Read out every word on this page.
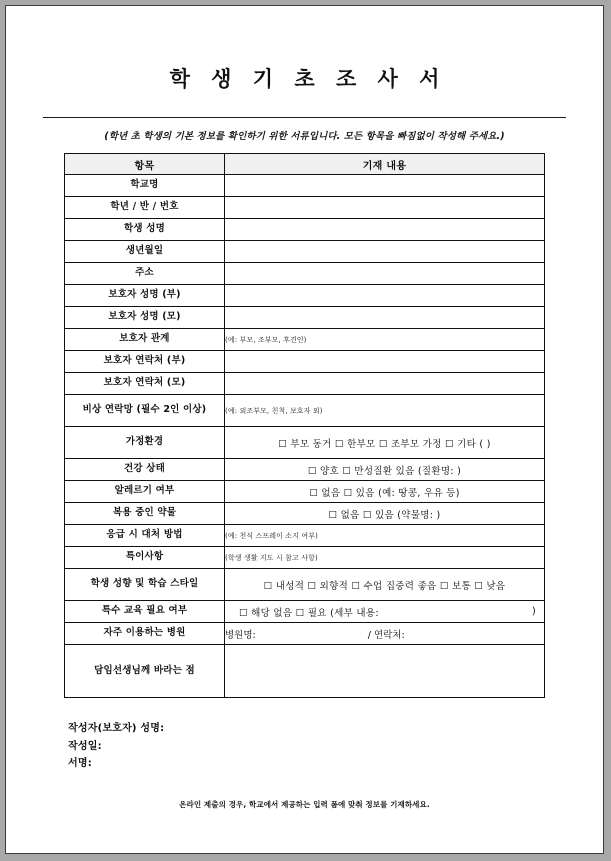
학 생 기 초 조 사 서

(학년 초 학생의 기본 정보를 확인하기 위한 서류입니다. 모든 항목을 빠짐없이 작성해 주세요.)

항목	기재 내용
학교명	
학년 / 반 / 번호	
학생 성명	
생년월일	
주소	
보호자 성명 (부)	
보호자 성명 (모)	
보호자 관계	(예: 부모, 조부모, 후견인)
보호자 연락처 (부)	
보호자 연락처 (모)	
비상 연락망 (필수 2인 이상)	(예: 외조부모, 친척, 보호자 외)
가정환경	☐ 부모 동거 ☐ 한부모 ☐ 조부모 가정 ☐ 기타 ( )
건강 상태	☐ 양호 ☐ 만성질환 있음 (질환명: )
알레르기 여부	☐ 없음 ☐ 있음 (예: 땅콩, 우유 등)
복용 중인 약물	☐ 없음 ☐ 있음 (약물명: )
응급 시 대처 방법	(예: 천식 스프레이 소지 여부)
특이사항	(학생 생활 지도 시 참고 사항)
학생 성향 및 학습 스타일	☐ 내성적 ☐ 외향적 ☐ 수업 집중력 좋음 ☐ 보통 ☐ 낮음
특수 교육 필요 여부	☐ 해당 없음 ☐ 필요 (세부 내용: )

자주 이용하는 병원	병원명: / 연락처:
담임선생님께 바라는 점	
작성자(보호자) 성명:
작성일:
서명:
온라인 제출의 경우, 학교에서 제공하는 입력 폼에 맞춰 정보를 기재하세요.
